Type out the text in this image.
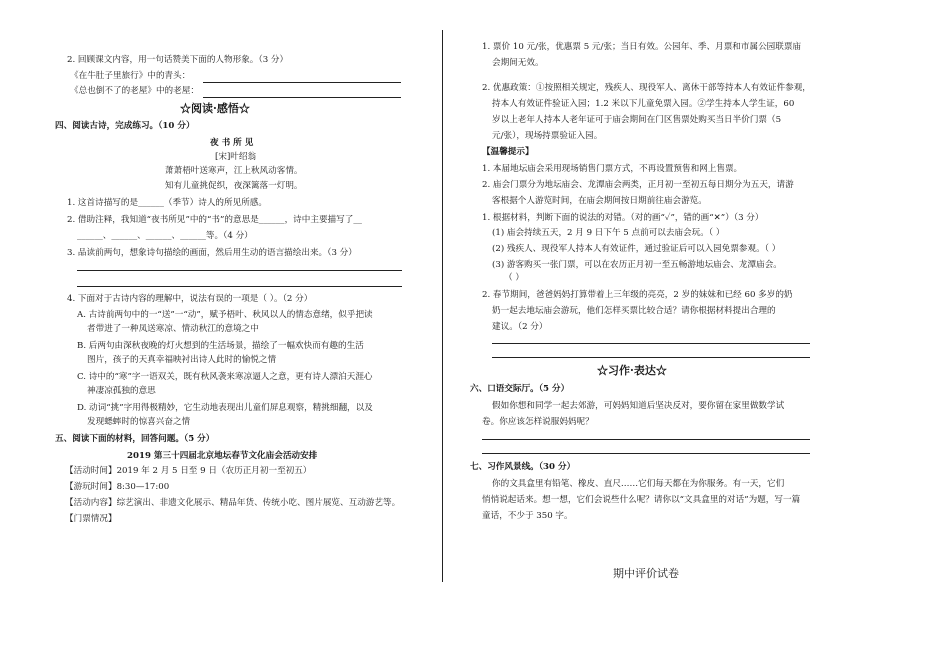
2. 回顾课文内容，用一句话赞美下面的人物形象。（3 分）

《在牛肚子里旅行》中的青头：

《总也倒不了的老屋》中的老屋：

☆阅读·感悟☆

四、阅读古诗，完成练习。（10 分）

夜 书 所 见

[宋]叶绍翁

萧萧梧叶送寒声，江上秋风动客情。

知有儿童挑促织，夜深篱落一灯明。

1. 这首诗描写的是______（季节）诗人的所见所感。

2. 借助注释，我知道“夜书所见”中的“书”的意思是______，诗中主要描写了__

______、______、______、______等。（4 分）

3. 品读前两句，想象诗句描绘的画面，然后用生动的语言描绘出来。（3 分）

4. 下面对于古诗内容的理解中，说法有误的一项是（ ）。（2 分）

A. 古诗前两句中的一“送”一“动”，赋予梧叶、秋风以人的情态意绪，似乎把读

者带进了一种凤送寒凉、情动秋江的意境之中

B. 后两句由深秋夜晚的灯火想到的生活场景，描绘了一幅欢快而有趣的生活

图片，孩子的天真幸福映衬出诗人此时的愉悦之情

C. 诗中的“寒”字一语双关，既有秋风袭来寒凉逼人之意，更有诗人漂泊天涯心

神凄凉孤独的意思

D. 动词“挑”字用得极精妙，它生动地表现出儿童们屏息观察，精挑细翻，以及

发现蟋蟀时的惊喜兴奋之情

五、阅读下面的材料，回答问题。（5 分）

2019 第三十四届北京地坛春节文化庙会活动安排

【活动时间】2019 年 2 月 5 日至 9 日（农历正月初一至初五）

【游玩时间】8:30—17:00

【活动内容】综艺演出、非遗文化展示、精品年货、传统小吃、图片展览、互动游艺等。

【门票情况】

1. 票价 10 元/张，优惠票 5 元/张；当日有效。公园年、季、月票和市属公园联票庙

会期间无效。

2. 优惠政策：①按照相关规定，残疾人、现役军人、离休干部等持本人有效证件参观，

持本人有效证件验证入园；1.2 米以下儿童免票入园。②学生持本人学生证，60

岁以上老年人持本人老年证可于庙会期间在门区售票处购买当日半价门票（5

元/张），现场持票验证入园。

【温馨提示】

1. 本届地坛庙会采用现场销售门票方式，不再设置预售和网上售票。

2. 庙会门票分为地坛庙会、龙潭庙会两类，正月初一至初五每日期分为五天，请游

客根据个人游览时间，在庙会期间按日期前往庙会游览。

1. 根据材料，判断下面的说法的对错。（对的画“✓”，错的画“✕”）（3 分）

(1) 庙会持续五天，2 月 9 日下午 5 点前可以去庙会玩。（ ）

(2) 残疾人、现役军人持本人有效证件，通过验证后可以入园免票参观。（ ）

(3) 游客购买一张门票，可以在农历正月初一至五畅游地坛庙会、龙潭庙会。

（ ）

2. 春节期间，爸爸妈妈打算带着上三年级的亮亮，2 岁的妹妹和已经 60 多岁的奶

奶一起去地坛庙会游玩，他们怎样买票比较合适？请你根据材料提出合理的

建议。（2 分）

☆习作·表达☆

六、口语交际厅。（5 分）

假如你想和同学一起去郊游，可妈妈知道后坚决反对，要你留在家里做数学试

卷。你应该怎样说服妈妈呢？

七、习作风景线。（30 分）

你的文具盒里有铅笔、橡皮、直尺……它们每天都在为你服务。有一天，它们

悄悄说起话来。想一想，它们会说些什么呢？请你以“文具盒里的对话”为题，写一篇

童话，不少于 350 字。

期中评价试卷
